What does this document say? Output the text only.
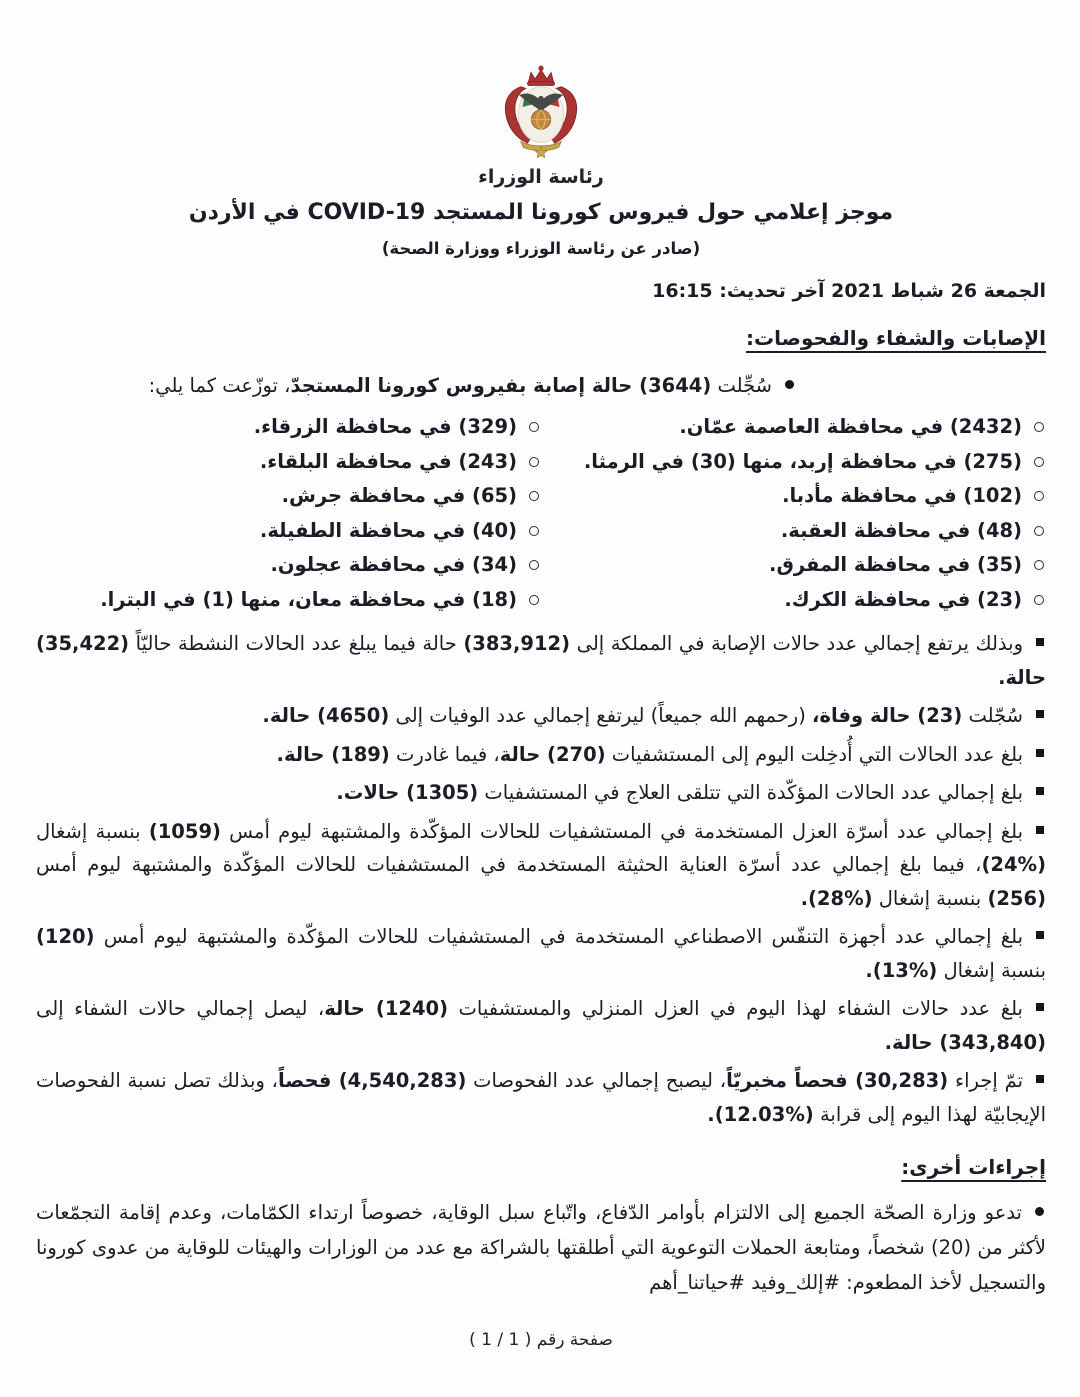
رئاسة الوزراء
موجز إعلامي حول فيروس كورونا المستجد COVID-19 في الأردن
(صادر عن رئاسة الوزراء ووزارة الصحة)
الجمعة 26 شباط 2021 آخر تحديث: 16:15
الإصابات والشفاء والفحوصات:
سُجِّلت (3644) حالة إصابة بفيروس كورونا المستجدّ، توزّعت كما يلي:
(2432) في محافظة العاصمة عمّان.
(275) في محافظة إربد، منها (30) في الرمثا.
(102) في محافظة مأدبا.
(48) في محافظة العقبة.
(35) في محافظة المفرق.
(23) في محافظة الكرك.
(329) في محافظة الزرقاء.
(243) في محافظة البلقاء.
(65) في محافظة جرش.
(40) في محافظة الطفيلة.
(34) في محافظة عجلون.
(18) في محافظة معان، منها (1) في البترا.
وبذلك يرتفع إجمالي عدد حالات الإصابة في المملكة إلى (383,912) حالة فيما يبلغ عدد الحالات النشطة حاليّاً (35,422) حالة.
سُجّلت (23) حالة وفاة، (رحمهم الله جميعاً) ليرتفع إجمالي عدد الوفيات إلى (4650) حالة.
بلغ عدد الحالات التي أُدخِلت اليوم إلى المستشفيات (270) حالة، فيما غادرت (189) حالة.
بلغ إجمالي عدد الحالات المؤكّدة التي تتلقى العلاج في المستشفيات (1305) حالات.
بلغ إجمالي عدد أسرّة العزل المستخدمة في المستشفيات للحالات المؤكّدة والمشتبهة ليوم أمس (1059) بنسبة إشغال (%24)، فيما بلغ إجمالي عدد أسرّة العناية الحثيثة المستخدمة في المستشفيات للحالات المؤكّدة والمشتبهة ليوم أمس (256) بنسبة إشغال (%28).
بلغ إجمالي عدد أجهزة التنفّس الاصطناعي المستخدمة في المستشفيات للحالات المؤكّدة والمشتبهة ليوم أمس (120) بنسبة إشغال (%13).
بلغ عدد حالات الشفاء لهذا اليوم في العزل المنزلي والمستشفيات (1240) حالة، ليصل إجمالي حالات الشفاء إلى (343,840) حالة.
تمّ إجراء (30,283) فحصاً مخبريّاً، ليصبح إجمالي عدد الفحوصات (4,540,283) فحصاً، وبذلك تصل نسبة الفحوصات الإيجابيّة لهذا اليوم إلى قرابة (%12.03).
إجراءات أخرى:
تدعو وزارة الصحّة الجميع إلى الالتزام بأوامر الدّفاع، واتّباع سبل الوقاية، خصوصاً ارتداء الكمّامات، وعدم إقامة التجمّعات لأكثر من (20) شخصاً، ومتابعة الحملات التوعوية التي أطلقتها بالشراكة مع عدد من الوزارات والهيئات للوقاية من عدوى كورونا والتسجيل لأخذ المطعوم: #إلك_وفيد #حياتنا_أهم
صفحة رقم ( 1 / 1 )
